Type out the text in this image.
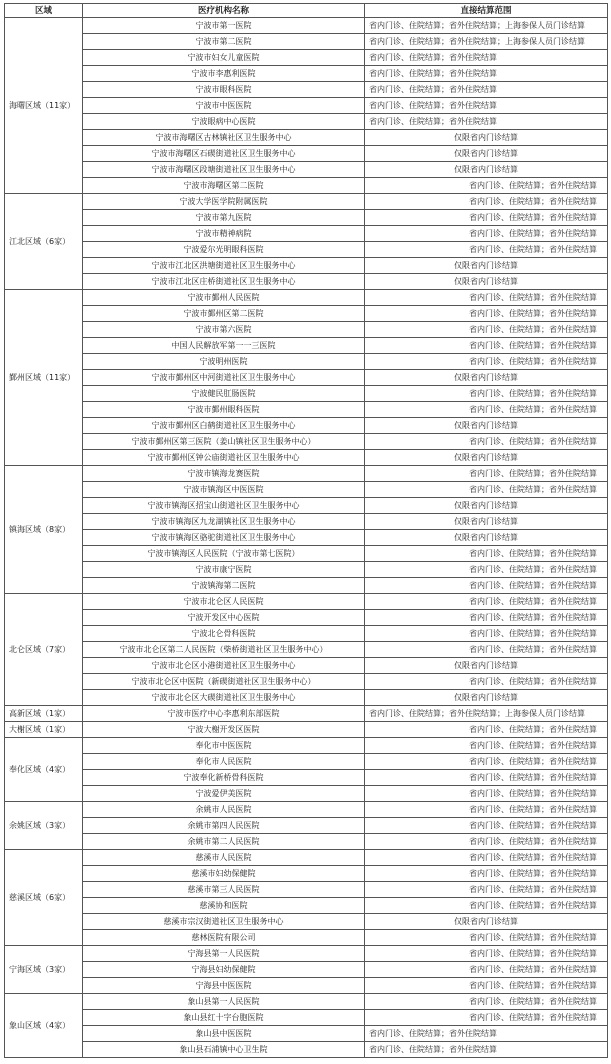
区域	医疗机构名称	直接结算范围
海曙区域（11家）	宁波市第一医院	省内门诊、住院结算；省外住院结算；上海参保人员门诊结算
	宁波市第二医院	省内门诊、住院结算；省外住院结算；上海参保人员门诊结算
	宁波市妇女儿童医院	省内门诊、住院结算；省外住院结算
	宁波市李惠利医院	省内门诊、住院结算；省外住院结算
	宁波市眼科医院	省内门诊、住院结算；省外住院结算
	宁波市中医医院	省内门诊、住院结算；省外住院结算
	宁波眼病中心医院	省内门诊、住院结算；省外住院结算
	宁波市海曙区古林镇社区卫生服务中心	仅限省内门诊结算
	宁波市海曙区石碶街道社区卫生服务中心	仅限省内门诊结算
	宁波市海曙区段塘街道社区卫生服务中心	仅限省内门诊结算
	宁波市海曙区第二医院	省内门诊、住院结算；省外住院结算
江北区域（6家）	宁波大学医学院附属医院	省内门诊、住院结算；省外住院结算
	宁波市第九医院	省内门诊、住院结算；省外住院结算
	宁波市精神病院	省内门诊、住院结算；省外住院结算
	宁波爱尔光明眼科医院	省内门诊、住院结算；省外住院结算
	宁波市江北区洪塘街道社区卫生服务中心	仅限省内门诊结算
	宁波市江北区庄桥街道社区卫生服务中心	仅限省内门诊结算
鄞州区域（11家）	宁波市鄞州人民医院	省内门诊、住院结算；省外住院结算
	宁波市鄞州区第二医院	省内门诊、住院结算；省外住院结算
	宁波市第六医院	省内门诊、住院结算；省外住院结算
	中国人民解放军第一一三医院	省内门诊、住院结算；省外住院结算
	宁波明州医院	省内门诊、住院结算；省外住院结算
	宁波市鄞州区中河街道社区卫生服务中心	仅限省内门诊结算
	宁波健民肛肠医院	省内门诊、住院结算；省外住院结算
	宁波市鄞州眼科医院	省内门诊、住院结算；省外住院结算
	宁波市鄞州区白鹤街道社区卫生服务中心	仅限省内门诊结算
	宁波市鄞州区第三医院（姜山镇社区卫生服务中心）	省内门诊、住院结算；省外住院结算
	宁波市鄞州区钟公庙街道社区卫生服务中心	仅限省内门诊结算
镇海区域（8家）	宁波市镇海龙赛医院	省内门诊、住院结算；省外住院结算
	宁波市镇海区中医医院	省内门诊、住院结算；省外住院结算
	宁波市镇海区招宝山街道社区卫生服务中心	仅限省内门诊结算
	宁波市镇海区九龙湖镇社区卫生服务中心	仅限省内门诊结算
	宁波市镇海区骆驼街道社区卫生服务中心	仅限省内门诊结算
	宁波市镇海区人民医院（宁波市第七医院）	省内门诊、住院结算；省外住院结算
	宁波市康宁医院	省内门诊、住院结算；省外住院结算
	宁波镇海第二医院	省内门诊、住院结算；省外住院结算
北仑区域（7家）	宁波市北仑区人民医院	省内门诊、住院结算；省外住院结算
	宁波开发区中心医院	省内门诊、住院结算；省外住院结算
	宁波北仑骨科医院	省内门诊、住院结算；省外住院结算
	宁波市北仑区第二人民医院（柴桥街道社区卫生服务中心）	省内门诊、住院结算；省外住院结算
	宁波市北仑区小港街道社区卫生服务中心	仅限省内门诊结算
	宁波市北仑区中医院（新碶街道社区卫生服务中心）	省内门诊、住院结算；省外住院结算
	宁波市北仑区大碶街道社区卫生服务中心	仅限省内门诊结算
高新区域（1家）	宁波市医疗中心李惠利东部医院	省内门诊、住院结算；省外住院结算；上海参保人员门诊结算
大榭区域（1家）	宁波大榭开发区医院	省内门诊、住院结算；省外住院结算
奉化区域（4家）	奉化市中医医院	省内门诊、住院结算；省外住院结算
	奉化市人民医院	省内门诊、住院结算；省外住院结算
	宁波奉化新桥骨科医院	省内门诊、住院结算；省外住院结算
	宁波爱伊美医院	省内门诊、住院结算；省外住院结算
余姚区域（3家）	余姚市人民医院	省内门诊、住院结算；省外住院结算
	余姚市第四人民医院	省内门诊、住院结算；省外住院结算
	余姚市第二人民医院	省内门诊、住院结算；省外住院结算
慈溪区域（6家）	慈溪市人民医院	省内门诊、住院结算；省外住院结算
	慈溪市妇幼保健院	省内门诊、住院结算；省外住院结算
	慈溪市第三人民医院	省内门诊、住院结算；省外住院结算
	慈溪协和医院	省内门诊、住院结算；省外住院结算
	慈溪市宗汉街道社区卫生服务中心	仅限省内门诊结算
	慈林医院有限公司	省内门诊、住院结算；省外住院结算
宁海区域（3家）	宁海县第一人民医院	省内门诊、住院结算；省外住院结算
	宁海县妇幼保健院	省内门诊、住院结算；省外住院结算
	宁海县中医医院	省内门诊、住院结算；省外住院结算
象山区域（4家）	象山县第一人民医院	省内门诊、住院结算；省外住院结算
	象山县红十字台胞医院	省内门诊、住院结算；省外住院结算
	象山县中医医院	省内门诊、住院结算；省外住院结算
	象山县石浦镇中心卫生院	省内门诊、住院结算；省外住院结算
